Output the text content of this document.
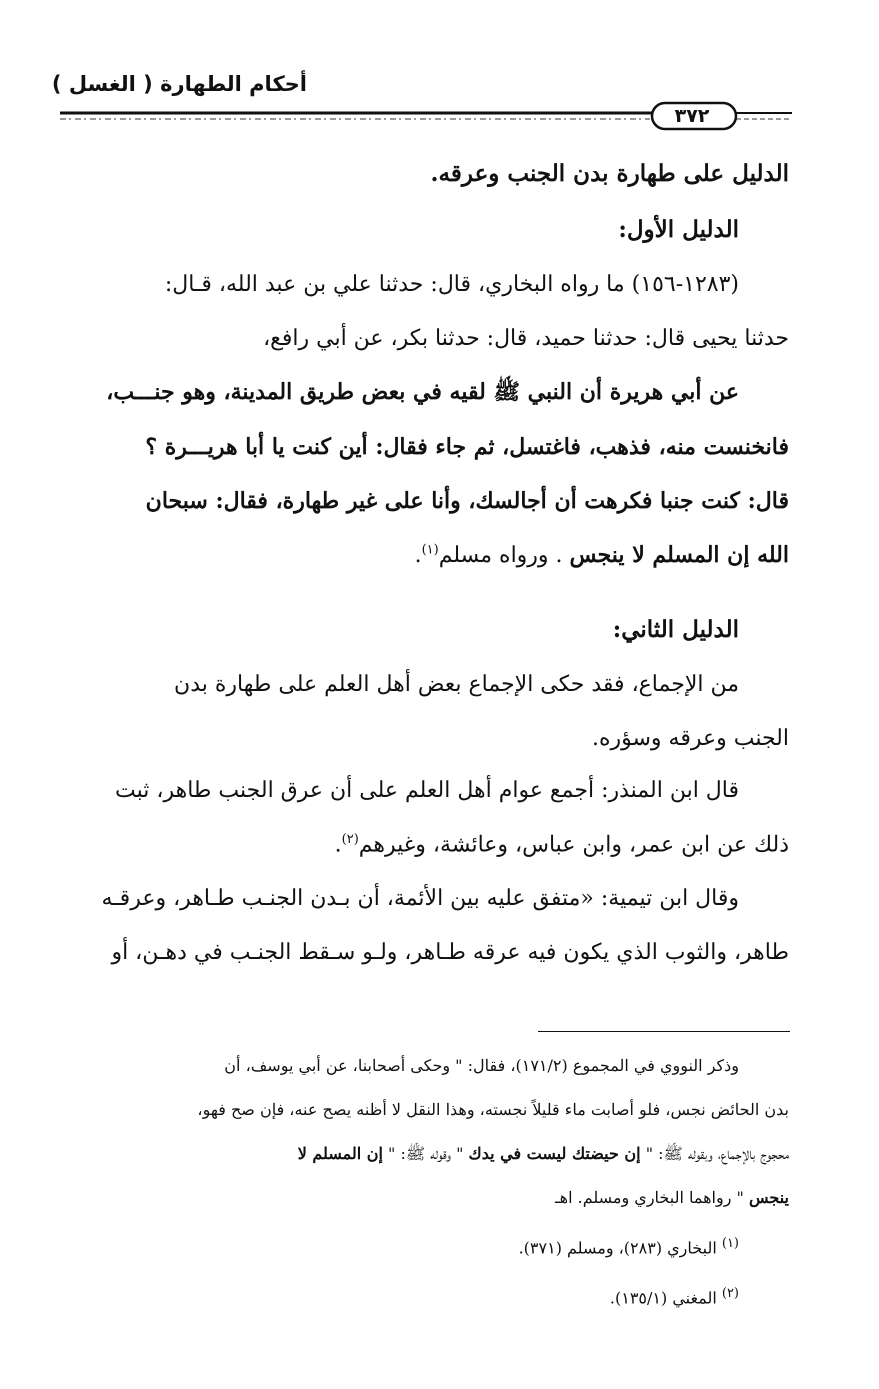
أحكام الطهارة ( الغسل )
٣٧٢
الدليل على طهارة بدن الجنب وعرقه.
الدليل الأول:
(١٢٨٣-١٥٦) ما رواه البخاري، قال: حدثنا علي بن عبد الله، قـال:
حدثنا يحيى قال: حدثنا حميد، قال: حدثنا بكر، عن أبي رافع،
عن أبي هريرة أن النبي ﷺ لقيه في بعض طريق المدينة، وهو جنـــب،
فانخنست منه، فذهب، فاغتسل، ثم جاء فقال: أين كنت يا أبا هريـــرة ؟
قال: كنت جنبا فكرهت أن أجالسك، وأنا على غير طهارة، فقال: سبحان
الله إن المسلم لا ينجس . ورواه مسلم$^{(١)}$.
الدليل الثاني:
من الإجماع، فقد حكى الإجماع بعض أهل العلم على طهارة بدن
الجنب وعرقه وسؤره.
قال ابن المنذر: أجمع عوام أهل العلم على أن عرق الجنب طاهر، ثبت
ذلك عن ابن عمر، وابن عباس، وعائشة، وغيرهم$^{(٢)}$.
وقال ابن تيمية: «متفق عليه بين الأئمة، أن بـدن الجنـب طـاهر، وعرقـه
طاهر، والثوب الذي يكون فيه عرقه طـاهر، ولـو سـقط الجنـب في دهـن، أو
وذكر النووي في المجموع (١٧١/٢)، فقال: " وحكى أصحابنا، عن أبي يوسف، أن
بدن الحائض نجس، فلو أصابت ماء قليلاً نجسته، وهذا النقل لا أظنه يصح عنه، فإن صح فهو،
محجوج بالإجماع، وبقوله ﷺ: " إن حيضتك ليست في يدك " وقوله ﷺ: " إن المسلم لا
ينجس " رواهما البخاري ومسلم. اهـ
$^{(١)}$ البخاري (٢٨٣)، ومسلم (٣٧١).
$^{(٢)}$ المغني (١٣٥/١).
